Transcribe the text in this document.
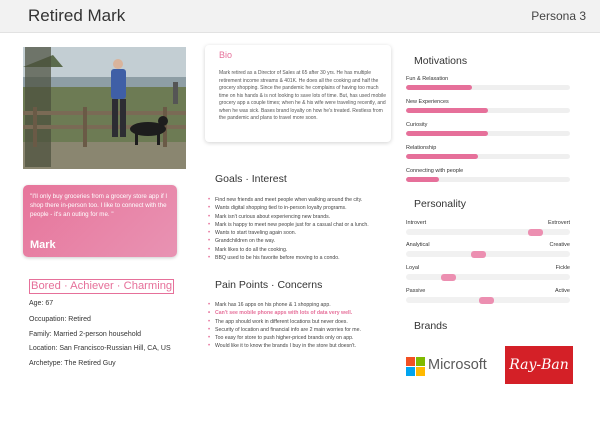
Retired Mark	Persona 3
"I'll only buy groceries from a grocery store app if I shop there in-person too. I like to connect with the people - it's an outing for me. "
Mark
Bored · Achiever · Charming
Age: 67
Occupation: Retired
Family: Married 2-person household
Location: San Francisco-Russian Hill, CA, US
Archetype: The Retired Guy
Bio
Mark retired as a Director of Sales at 65 after 30 yrs. He has multiple retirement income streams & 401K. He does all the cooking and half the grocery shopping. Since the pandemic he complains of having too much time on his hands & is not looking to save lots of time. But, has used mobile grocery app a couple times; when he & his wife were traveling recently, and when he was sick. Bases brand loyalty on how he's treated. Restless from the pandemic and plans to travel more soon.
Goals · Interest
• Find new friends and meet people when walking around the city.
• Wants digital shopping tied to in-person loyalty programs.
• Mark isn't curious about experiencing new brands.
• Mark is happy to meet new people just for a casual chat or a lunch.
• Wants to start traveling again soon.
• Grandchildren on the way.
• Mark likes to do all the cooking.
• BBQ used to be his favorite before moving to a condo.
Pain Points · Concerns
• Mark has 16 apps on his phone & 1 shopping app.
• Can't see mobile phone apps with lots of data very well.
• The app should work in different locations but never does.
• Security of location and financial info are 2 main worries for me.
• Too easy for store to push higher-priced brands only on app.
• Would like it to know the brands I buy in the store but doesn't.
Motivations
Fun & Relaxation
New Experiences
Curiosity
Relationship
Connecting with people
Personality
Introvert	Extrovert
Analytical	Creative
Loyal	Fickle
Passive	Active
Brands
Microsoft Ray-Ban
